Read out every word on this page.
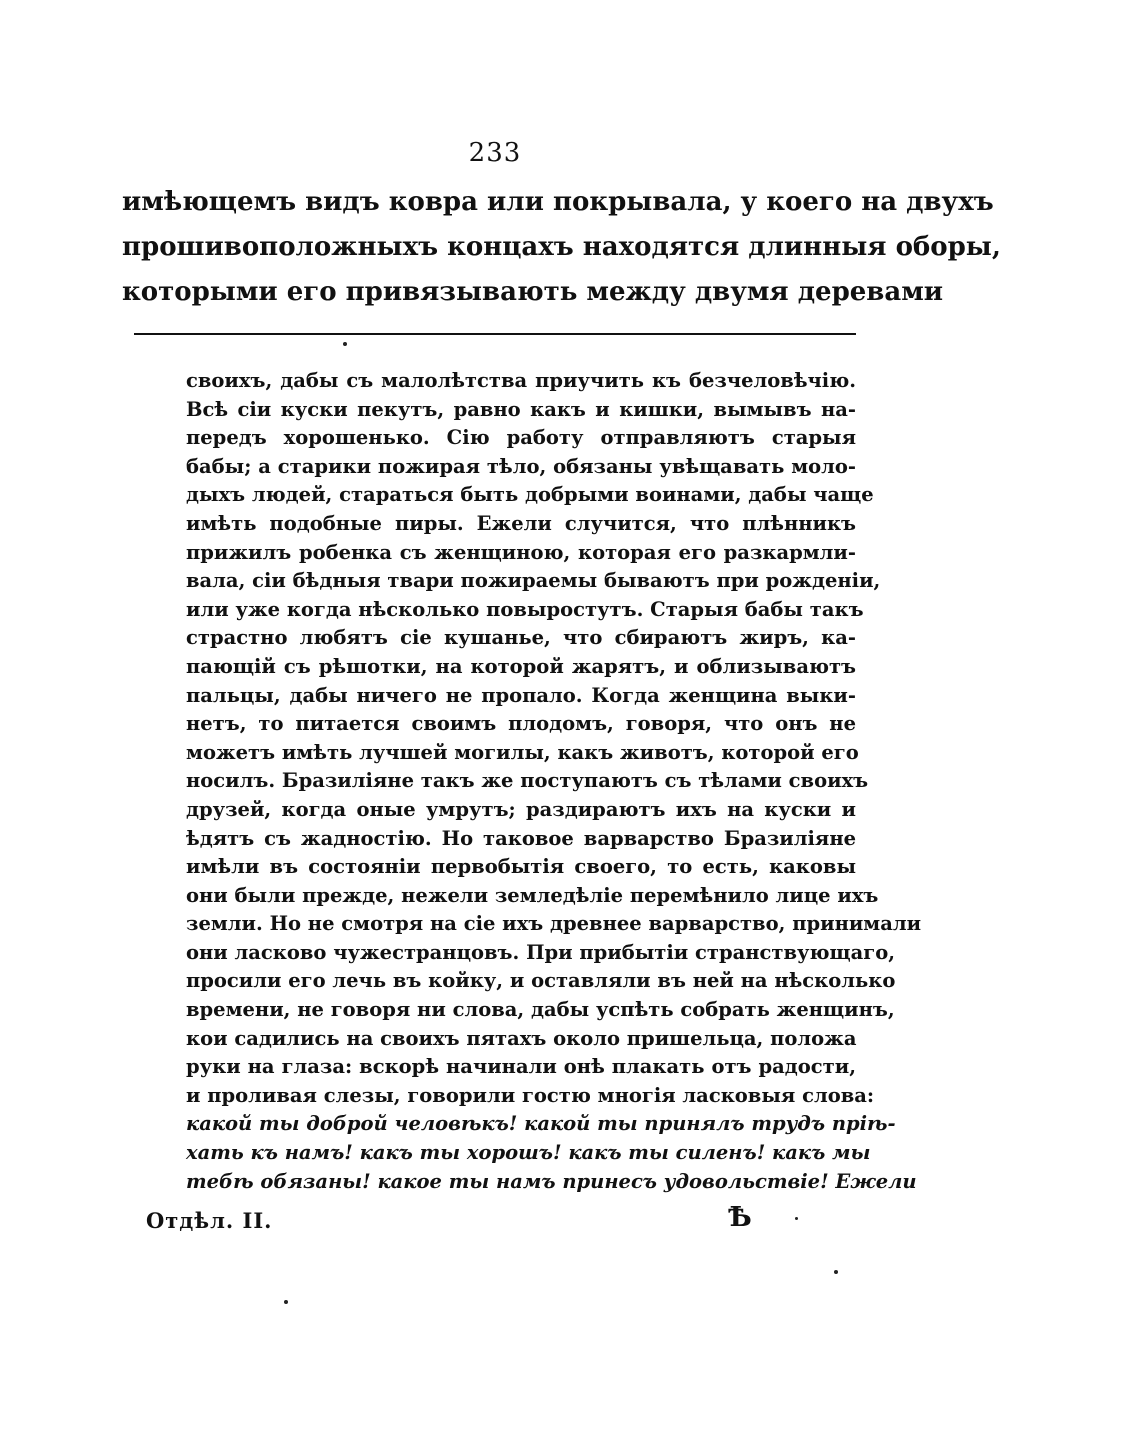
233
имѣющемъ видъ ковра или покрывала, у коего на двухъ
прошивоположныхъ концахъ находятся длинныя оборы,
которыми его привязывають между двумя деревами
своихъ, дабы съ малолѣтства приучить къ безчеловѣчію.
Всѣ сіи куски пекутъ, равно какъ и кишки, вымывъ на-
передъ хорошенько. Сію работу отправляютъ старыя
бабы; а старики пожирая тѣло, обязаны увѣщавать моло-
дыхъ людей, стараться быть добрыми воинами, дабы чаще
имѣть подобные пиры. Ежели случится, что плѣнникъ
прижилъ робенка съ женщиною, которая его разкармли-
вала, сіи бѣдныя твари пожираемы бываютъ при рожденіи,
или уже когда нѣсколько повыростутъ. Старыя бабы такъ
страстно любятъ сіе кушанье, что сбираютъ жиръ, ка-
пающій съ рѣшотки, на которой жарятъ, и облизываютъ
пальцы, дабы ничего не пропало. Когда женщина выки-
нетъ, то питается своимъ плодомъ, говоря, что онъ не
можетъ имѣть лучшей могилы, какъ животъ, которой его
носилъ. Бразиліяне такъ же поступаютъ съ тѣлами своихъ
друзей, когда оные умрутъ; раздираютъ ихъ на куски и
ѣдятъ съ жадностію. Но таковое варварство Бразиліяне
имѣли въ состояніи первобытія своего, то есть, каковы
они были прежде, нежели земледѣліе перемѣнило лице ихъ
земли. Но не смотря на сіе ихъ древнее варварство, принимали
они ласково чужестранцовъ. При прибытіи странствующаго,
просили его лечь въ койку, и оставляли въ ней на нѣсколько
времени, не говоря ни слова, дабы успѣть собрать женщинъ,
кои садились на своихъ пятахъ около пришельца, положа
руки на глаза: вскорѣ начинали онѣ плакать отъ радости,
и проливая слезы, говорили гостю многія ласковыя слова:
какой ты доброй человѣкъ! какой ты принялъ трудъ прiѣ-
хать къ намъ! какъ ты хорошъ! какъ ты силенъ! какъ мы
тебѣ обязаны! какое ты намъ принесъ удовольствіе! Ежели
Отдѣл. II.	Ѣ
